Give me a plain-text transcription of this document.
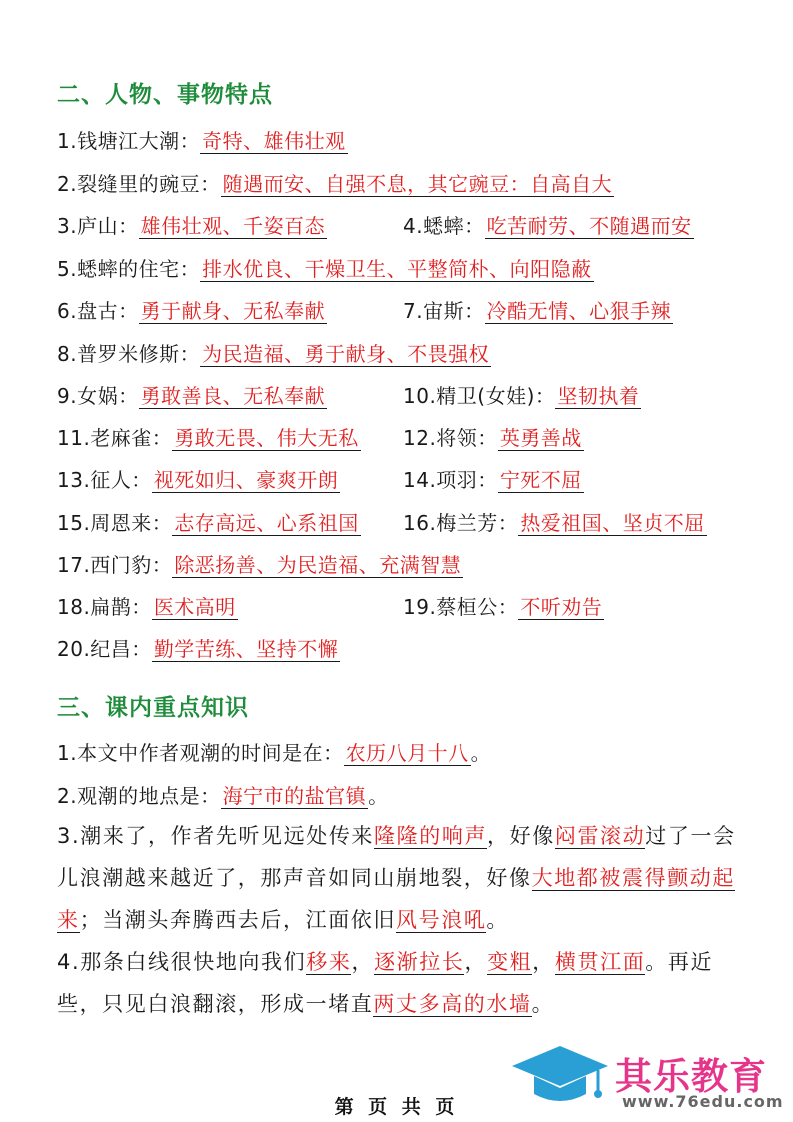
二、人物、事物特点
1.钱塘江大潮： 奇特、雄伟壮观
2.裂缝里的豌豆： 随遇而安、自强不息，其它豌豆：自高自大
3.庐山： 雄伟壮观、千姿百态	4.蟋蟀： 吃苦耐劳、不随遇而安
5.蟋蟀的住宅： 排水优良、干燥卫生、平整简朴、向阳隐蔽
6.盘古： 勇于献身、无私奉献	7.宙斯： 冷酷无情、心狠手辣
8.普罗米修斯： 为民造福、勇于献身、不畏强权
9.女娲： 勇敢善良、无私奉献	10.精卫(女娃)： 坚韧执着
11.老麻雀： 勇敢无畏、伟大无私 12.将领： 英勇善战
13.征人： 视死如归、豪爽开朗	14.项羽： 宁死不屈
15.周恩来： 志存高远、心系祖国 16.梅兰芳： 热爱祖国、坚贞不屈
17.西门豹： 除恶扬善、为民造福、充满智慧
18.扁鹊： 医术高明	19.蔡桓公： 不听劝告
20.纪昌： 勤学苦练、坚持不懈
三、课内重点知识
1.本文中作者观潮的时间是在： 农历八月十八 。
2.观潮的地点是： 海宁市的盐官镇 。
3.潮来了，作者先听见远处传来隆隆的响声，好像闷雷滚动过了一会儿浪潮越来越近了，那声音如同山崩地裂，好像大地都被震得颤动起来；当潮头奔腾西去后，江面依旧风号浪吼。
4.那条白线很快地向我们移来，逐渐拉长，变粗，横贯江面。再近些，只见白浪翻滚，形成一堵直两丈多高的水墙。
其乐教育
www.76edu.com
第 页 共 页
